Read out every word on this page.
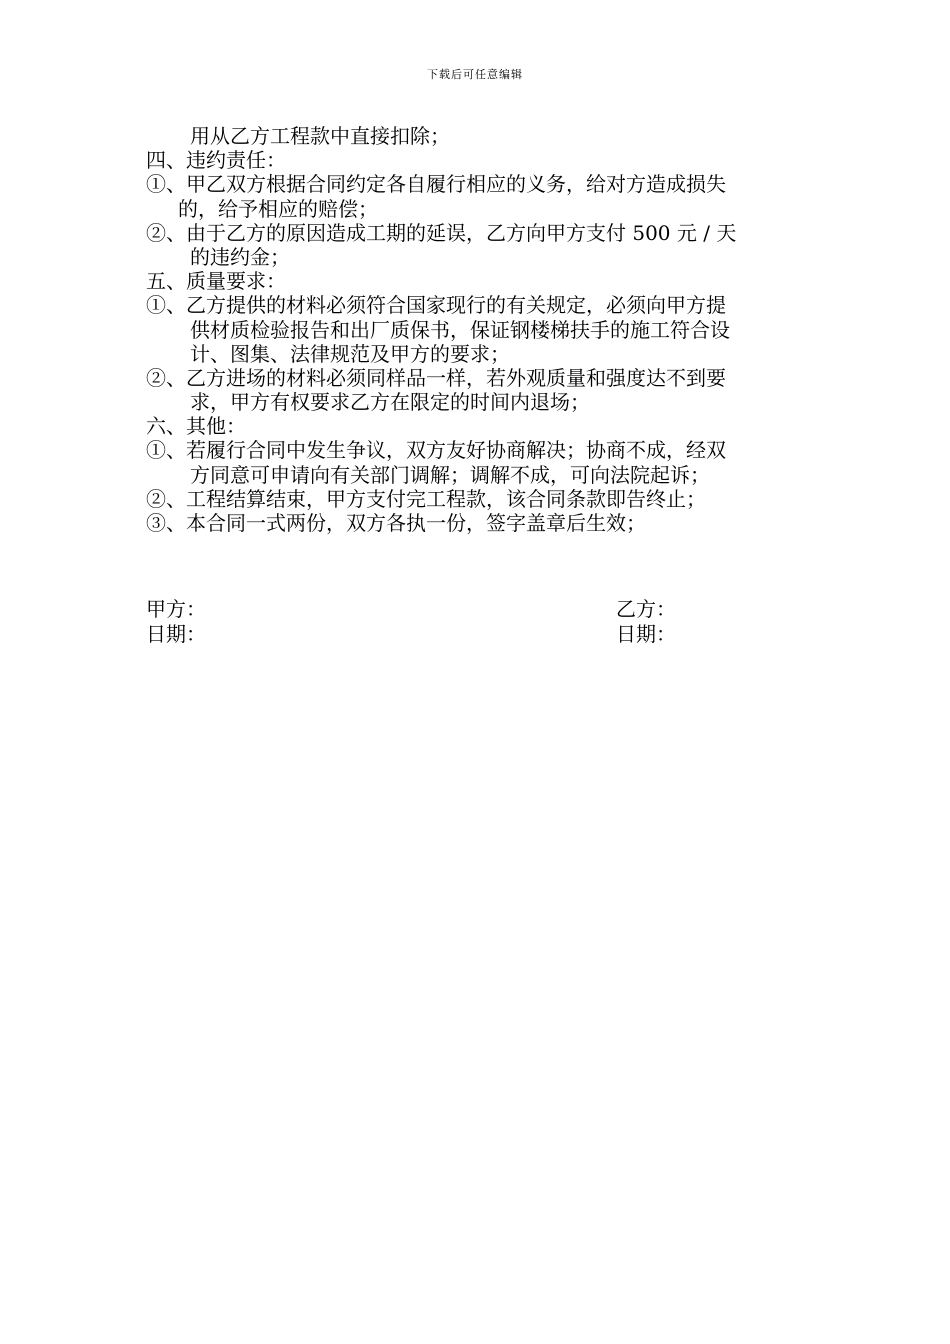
下载后可任意编辑
用从乙方工程款中直接扣除；
四、违约责任：
①、甲乙双方根据合同约定各自履行相应的义务，给对方造成损失
的，给予相应的赔偿；
②、由于乙方的原因造成工期的延误，乙方向甲方支付 500 元 / 天
的违约金；
五、质量要求：
①、乙方提供的材料必须符合国家现行的有关规定，必须向甲方提
供材质检验报告和出厂质保书，保证钢楼梯扶手的施工符合设
计、图集、法律规范及甲方的要求；
②、乙方进场的材料必须同样品一样，若外观质量和强度达不到要
求，甲方有权要求乙方在限定的时间内退场；
六、其他：
①、若履行合同中发生争议，双方友好协商解决；协商不成，经双
方同意可申请向有关部门调解；调解不成，可向法院起诉；
②、工程结算结束，甲方支付完工程款，该合同条款即告终止；
③、本合同一式两份，双方各执一份，签字盖章后生效；
甲方：
日期：
乙方：
日期：
